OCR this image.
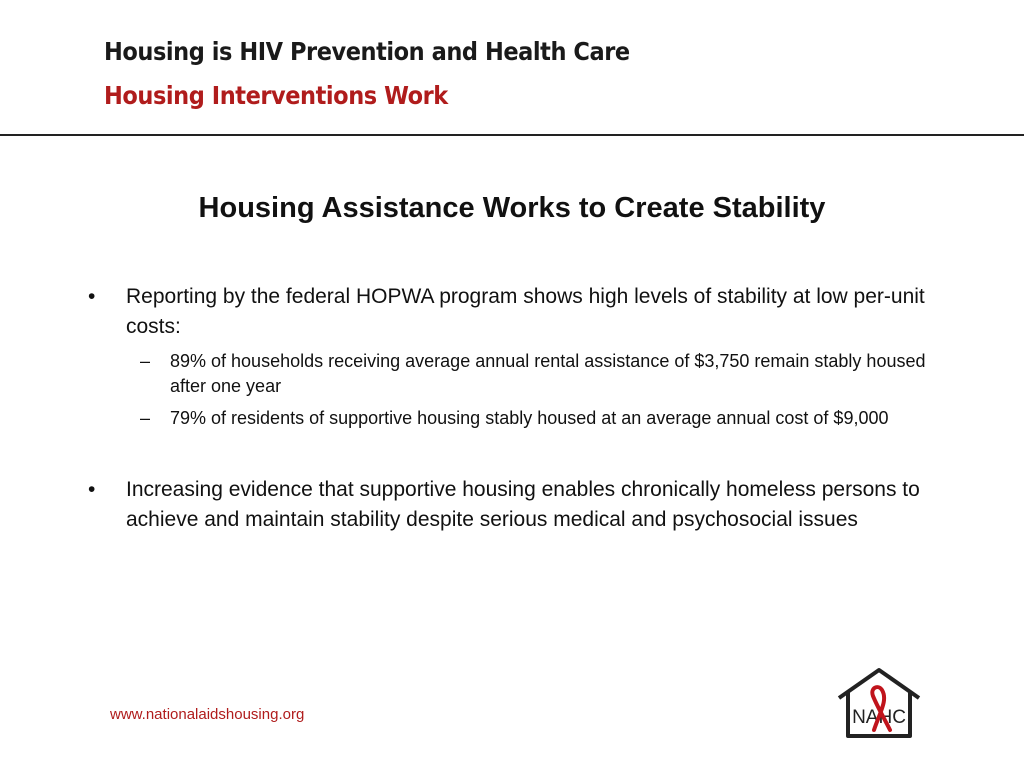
Housing is HIV Prevention and Health Care
Housing Interventions Work
Housing Assistance Works to Create Stability
• Reporting by the federal HOPWA program shows high levels of stability at low per-unit costs:
– 89% of households receiving average annual rental assistance of $3,750 remain stably housed after one year
– 79% of residents of supportive housing stably housed at an average annual cost of $9,000
• Increasing evidence that supportive housing enables chronically homeless persons to achieve and maintain stability despite serious medical and psychosocial issues
www.nationalaidshousing.org	NAHC
